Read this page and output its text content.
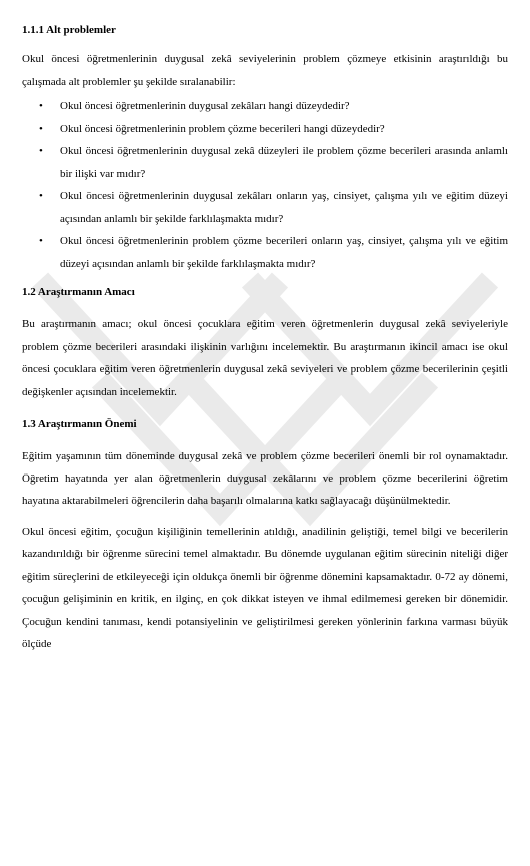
1.1.1 Alt problemler

Okul öncesi öğretmenlerinin duygusal zekâ seviyelerinin problem çözmeye etkisinin araştırıldığı bu çalışmada alt problemler şu şekilde sıralanabilir:

• Okul öncesi öğretmenlerinin duygusal zekâları hangi düzeydedir?
• Okul öncesi öğretmenlerinin problem çözme becerileri hangi düzeydedir?
• Okul öncesi öğretmenlerinin duygusal zekâ düzeyleri ile problem çözme becerileri arasında anlamlı bir ilişki var mıdır?
• Okul öncesi öğretmenlerinin duygusal zekâları onların yaş, cinsiyet, çalışma yılı ve eğitim düzeyi açısından anlamlı bir şekilde farklılaşmakta mıdır?
• Okul öncesi öğretmenlerinin problem çözme becerileri onların yaş, cinsiyet, çalışma yılı ve eğitim düzeyi açısından anlamlı bir şekilde farklılaşmakta mıdır?
1.2 Araştırmanın Amacı

Bu araştırmanın amacı; okul öncesi çocuklara eğitim veren öğretmenlerin duygusal zekâ seviyeleriyle problem çözme becerileri arasındaki ilişkinin varlığını incelemektir. Bu araştırmanın ikincil amacı ise okul öncesi çocuklara eğitim veren öğretmenlerin duygusal zekâ seviyeleri ve problem çözme becerilerinin çeşitli değişkenler açısından incelemektir.

1.3 Araştırmanın Önemi

Eğitim yaşamının tüm döneminde duygusal zekâ ve problem çözme becerileri önemli bir rol oynamaktadır. Öğretim hayatında yer alan öğretmenlerin duygusal zekâlarını ve problem çözme becerilerini öğretim hayatına aktarabilmeleri öğrencilerin daha başarılı olmalarına katkı sağlayacağı düşünülmektedir.

Okul öncesi eğitim, çocuğun kişiliğinin temellerinin atıldığı, anadilinin geliştiği, temel bilgi ve becerilerin kazandırıldığı bir öğrenme sürecini temel almaktadır. Bu dönemde uygulanan eğitim sürecinin niteliği diğer eğitim süreçlerini de etkileyeceği için oldukça önemli bir öğrenme dönemini kapsamaktadır. 0-72 ay dönemi, çocuğun gelişiminin en kritik, en ilginç, en çok dikkat isteyen ve ihmal edilmemesi gereken bir dönemidir. Çocuğun kendini tanıması, kendi potansiyelinin ve geliştirilmesi gereken yönlerinin farkına varması büyük ölçüde
